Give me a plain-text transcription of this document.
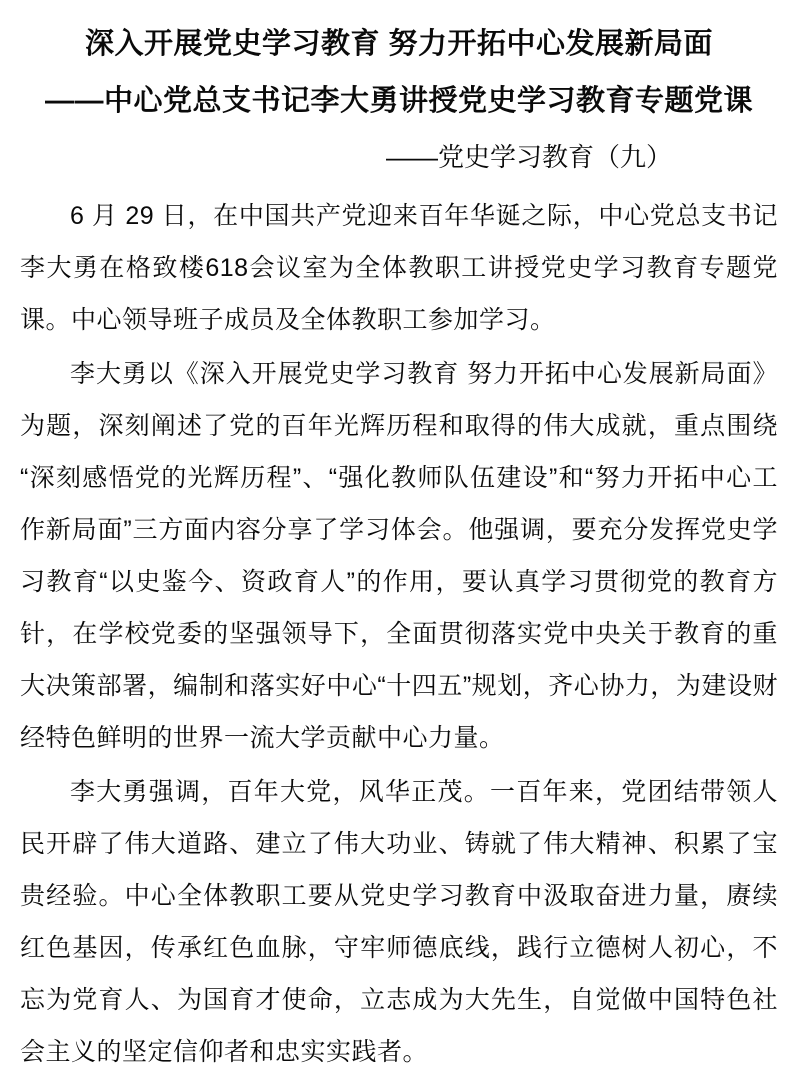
深入开展党史学习教育 努力开拓中心发展新局面
——中心党总支书记李大勇讲授党史学习教育专题党课
——党史学习教育（九）

6 月 29 日，在中国共产党迎来百年华诞之际，中心党总支书记李大勇在格致楼618会议室为全体教职工讲授党史学习教育专题党课。中心领导班子成员及全体教职工参加学习。

李大勇以《深入开展党史学习教育 努力开拓中心发展新局面》为题，深刻阐述了党的百年光辉历程和取得的伟大成就，重点围绕“深刻感悟党的光辉历程”、“强化教师队伍建设”和“努力开拓中心工作新局面”三方面内容分享了学习体会。他强调，要充分发挥党史学习教育“以史鉴今、资政育人”的作用，要认真学习贯彻党的教育方针，在学校党委的坚强领导下，全面贯彻落实党中央关于教育的重大决策部署，编制和落实好中心“十四五”规划，齐心协力，为建设财经特色鲜明的世界一流大学贡献中心力量。

李大勇强调，百年大党，风华正茂。一百年来，党团结带领人民开辟了伟大道路、建立了伟大功业、铸就了伟大精神、积累了宝贵经验。中心全体教职工要从党史学习教育中汲取奋进力量，赓续红色基因，传承红色血脉，守牢师德底线，践行立德树人初心，不忘为党育人、为国育才使命，立志成为大先生，自觉做中国特色社会主义的坚定信仰者和忠实实践者。
